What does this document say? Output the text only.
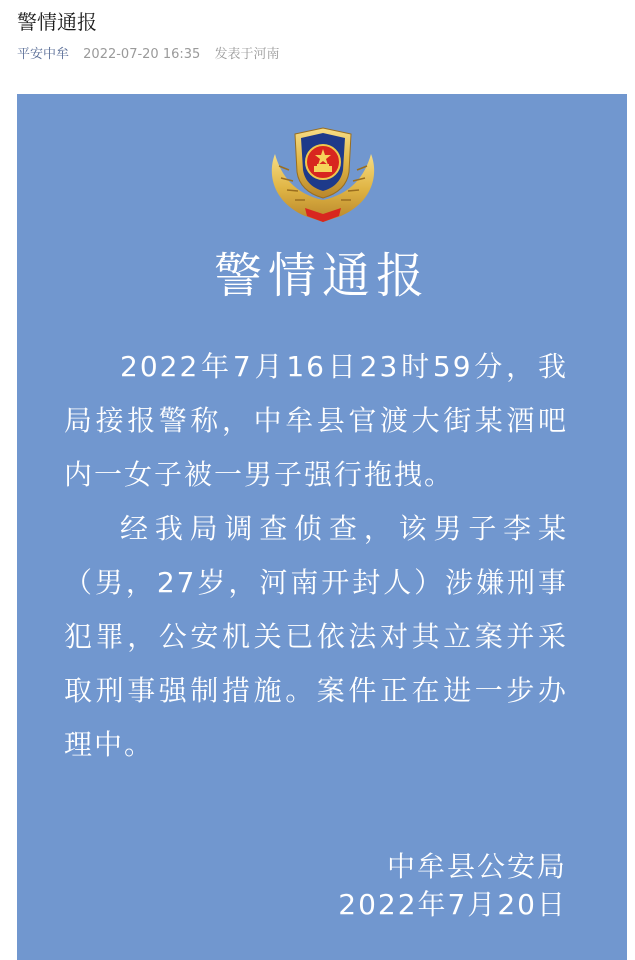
警情通报
平安中牟 2022-07-20 16:35 发表于河南
警情通报

2022年7月16日23时59分，我局接报警称，中牟县官渡大街某酒吧内一女子被一男子强行拖拽。

经我局调查侦查，该男子李某（男，27岁，河南开封人）涉嫌刑事犯罪，公安机关已依法对其立案并采取刑事强制措施。案件正在进一步办理中。

中牟县公安局
2022年7月20日
